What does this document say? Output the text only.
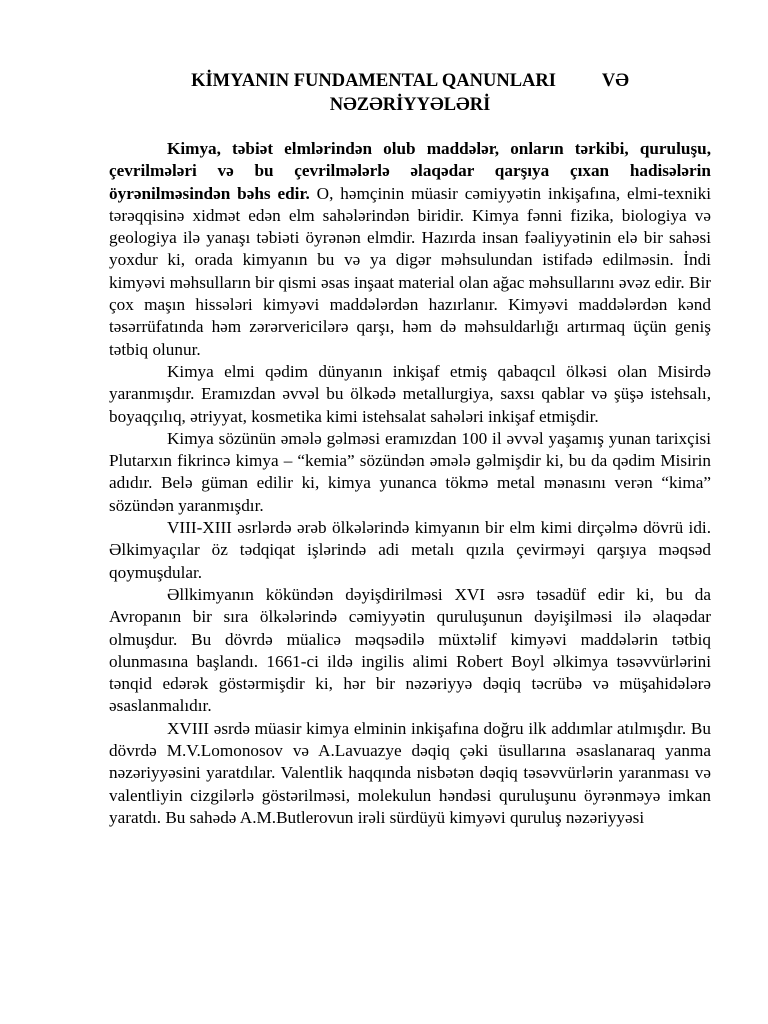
KİMYANIN FUNDAMENTAL QANUNLARI          VƏ
NƏZƏRİYYƏLƏRİ

Kimya, təbiət elmlərindən olub maddələr, onların tərkibi, quruluşu, çevrilmələri və bu çevrilmələrlə əlaqədar qarşıya çıxan hadisələrin öyrənilməsindən bəhs edir. O, həmçinin müasir cəmiyyətin inkişafına, elmi-texniki tərəqqisinə xidmət edən elm sahələrindən biridir. Kimya fənni fizika, biologiya və geologiya ilə yanaşı təbiəti öyrənən elmdir. Hazırda insan fəaliyyətinin elə bir sahəsi yoxdur ki, orada kimyanın bu və ya digər məhsulundan istifadə edilməsin. İndi kimyəvi məhsulların bir qismi əsas inşaat material olan ağac məhsullarını əvəz edir. Bir çox maşın hissələri kimyəvi maddələrdən hazırlanır. Kimyəvi maddələrdən kənd təsərrüfatında həm zərərvericilərə qarşı, həm də məhsuldarlığı artırmaq üçün geniş tətbiq olunur.

Kimya elmi qədim dünyanın inkişaf etmiş qabaqcıl ölkəsi olan Misirdə yaranmışdır. Eramızdan əvvəl bu ölkədə metallurgiya, saxsı qablar və şüşə istehsalı, boyaqçılıq, ətriyyat, kosmetika kimi istehsalat sahələri inkişaf etmişdir.

Kimya sözünün əmələ gəlməsi eramızdan 100 il əvvəl yaşamış yunan tarixçisi Plutarxın fikrincə kimya – “kemia” sözündən əmələ gəlmişdir ki, bu da qədim Misirin adıdır. Belə güman edilir ki, kimya yunanca tökmə metal mənasını verən “kima” sözündən yaranmışdır.

VIII-XIII əsrlərdə ərəb ölkələrində kimyanın bir elm kimi dirçəlmə dövrü idi. Əlkimyaçılar öz tədqiqat işlərində adi metalı qızıla çevirməyi qarşıya məqsəd qoymuşdular.

Əllkimyanın kökündən dəyişdirilməsi XVI əsrə təsadüf edir ki, bu da Avropanın bir sıra ölkələrində cəmiyyətin quruluşunun dəyişilməsi ilə əlaqədar olmuşdur. Bu dövrdə müalicə məqsədilə müxtəlif kimyəvi maddələrin tətbiq olunmasına başlandı. 1661-ci ildə ingilis alimi Robert Boyl əlkimya təsəvvürlərini tənqid edərək göstərmişdir ki, hər bir nəzəriyyə dəqiq təcrübə və müşahidələrə əsaslanmalıdır.

XVIII əsrdə müasir kimya elminin inkişafına doğru ilk addımlar atılmışdır. Bu dövrdə M.V.Lomonosov və A.Lavuazye dəqiq çəki üsullarına əsaslanaraq yanma nəzəriyyəsini yaratdılar. Valentlik haqqında nisbətən dəqiq təsəvvürlərin yaranması və valentliyin cizgilərlə göstərilməsi, molekulun həndəsi quruluşunu öyrənməyə imkan yaratdı. Bu sahədə A.M.Butlerovun irəli sürdüyü kimyəvi quruluş nəzəriyyəsi
